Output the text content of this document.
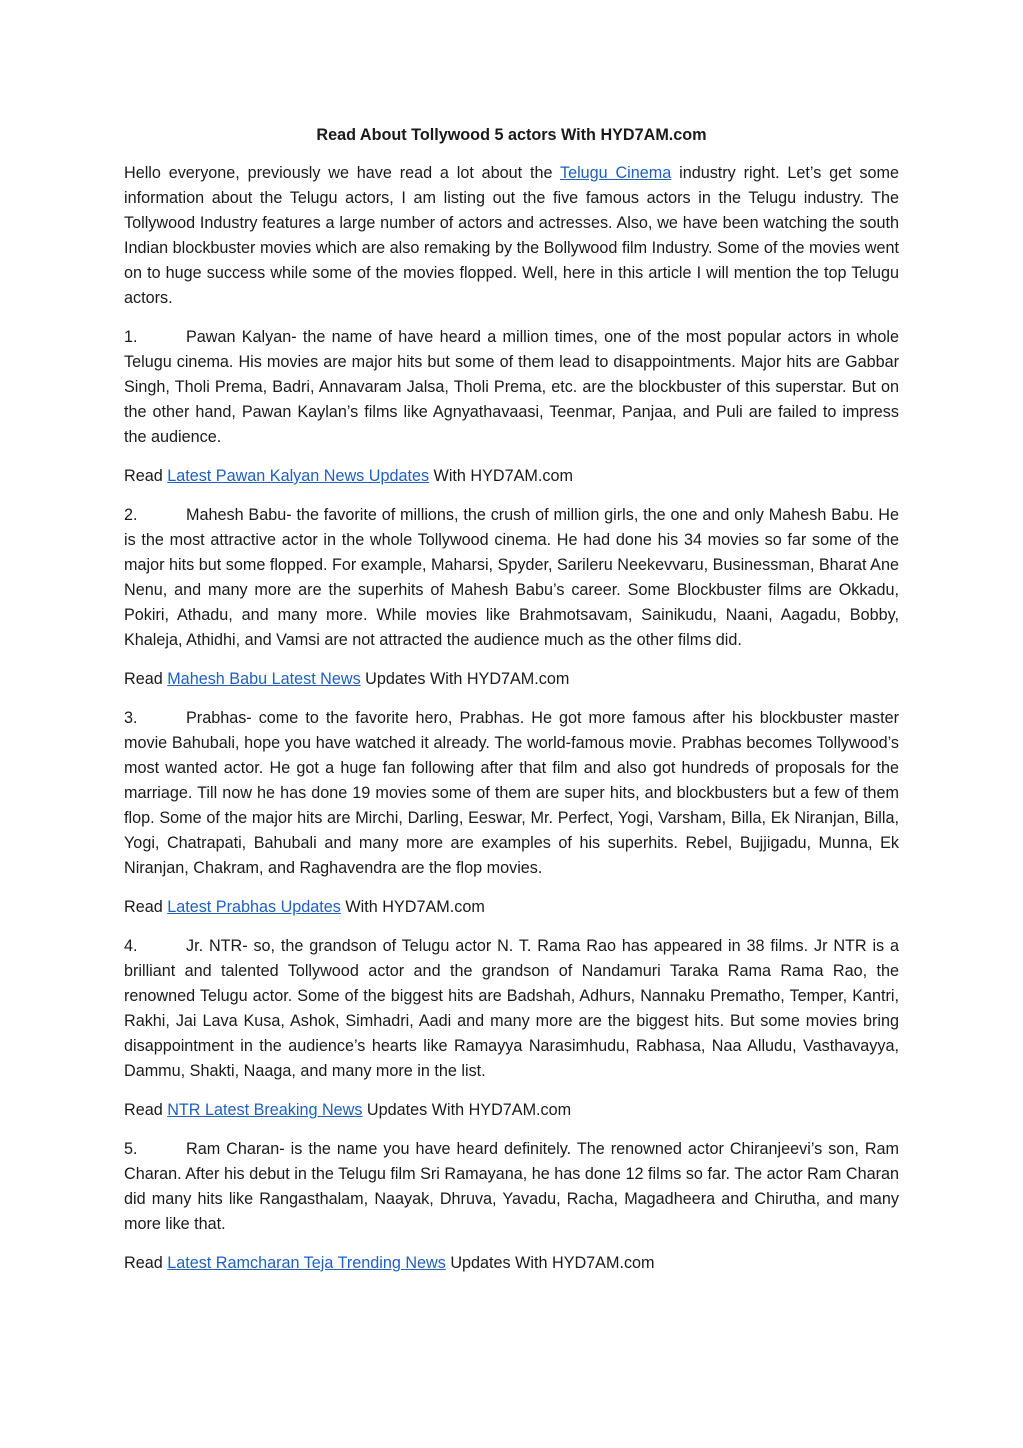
Read About Tollywood 5 actors With HYD7AM.com

Hello everyone, previously we have read a lot about the Telugu Cinema industry right. Let’s get some information about the Telugu actors, I am listing out the five famous actors in the Telugu industry. The Tollywood Industry features a large number of actors and actresses. Also, we have been watching the south Indian blockbuster movies which are also remaking by the Bollywood film Industry. Some of the movies went on to huge success while some of the movies flopped. Well, here in this article I will mention the top Telugu actors.

1.	Pawan Kalyan- the name of have heard a million times, one of the most popular actors in whole Telugu cinema. His movies are major hits but some of them lead to disappointments. Major hits are Gabbar Singh, Tholi Prema, Badri, Annavaram Jalsa, Tholi Prema, etc. are the blockbuster of this superstar. But on the other hand, Pawan Kaylan’s films like Agnyathavaasi, Teenmar, Panjaa, and Puli are failed to impress the audience.

Read Latest Pawan Kalyan News Updates With HYD7AM.com

2.	Mahesh Babu- the favorite of millions, the crush of million girls, the one and only Mahesh Babu. He is the most attractive actor in the whole Tollywood cinema. He had done his 34 movies so far some of the major hits but some flopped. For example, Maharsi, Spyder, Sarileru Neekevvaru, Businessman, Bharat Ane Nenu, and many more are the superhits of Mahesh Babu’s career. Some Blockbuster films are Okkadu, Pokiri, Athadu, and many more. While movies like Brahmotsavam, Sainikudu, Naani, Aagadu, Bobby, Khaleja, Athidhi, and Vamsi are not attracted the audience much as the other films did.

Read Mahesh Babu Latest News Updates With HYD7AM.com

3.	Prabhas- come to the favorite hero, Prabhas. He got more famous after his blockbuster master movie Bahubali, hope you have watched it already. The world-famous movie. Prabhas becomes Tollywood’s most wanted actor. He got a huge fan following after that film and also got hundreds of proposals for the marriage. Till now he has done 19 movies some of them are super hits, and blockbusters but a few of them flop. Some of the major hits are Mirchi, Darling, Eeswar, Mr. Perfect, Yogi, Varsham, Billa, Ek Niranjan, Billa, Yogi, Chatrapati, Bahubali and many more are examples of his superhits. Rebel, Bujjigadu, Munna, Ek Niranjan, Chakram, and Raghavendra are the flop movies.

Read Latest Prabhas Updates With HYD7AM.com

4.	Jr. NTR- so, the grandson of Telugu actor N. T. Rama Rao has appeared in 38 films. Jr NTR is a brilliant and talented Tollywood actor and the grandson of Nandamuri Taraka Rama Rama Rao, the renowned Telugu actor. Some of the biggest hits are Badshah, Adhurs, Nannaku Prematho, Temper, Kantri, Rakhi, Jai Lava Kusa, Ashok, Simhadri, Aadi and many more are the biggest hits. But some movies bring disappointment in the audience’s hearts like Ramayya Narasimhudu, Rabhasa, Naa Alludu, Vasthavayya, Dammu, Shakti, Naaga, and many more in the list.

Read NTR Latest Breaking News Updates With HYD7AM.com

5.	Ram Charan- is the name you have heard definitely. The renowned actor Chiranjeevi’s son, Ram Charan. After his debut in the Telugu film Sri Ramayana, he has done 12 films so far. The actor Ram Charan did many hits like Rangasthalam, Naayak, Dhruva, Yavadu, Racha, Magadheera and Chirutha, and many more like that.

Read Latest Ramcharan Teja Trending News Updates With HYD7AM.com
